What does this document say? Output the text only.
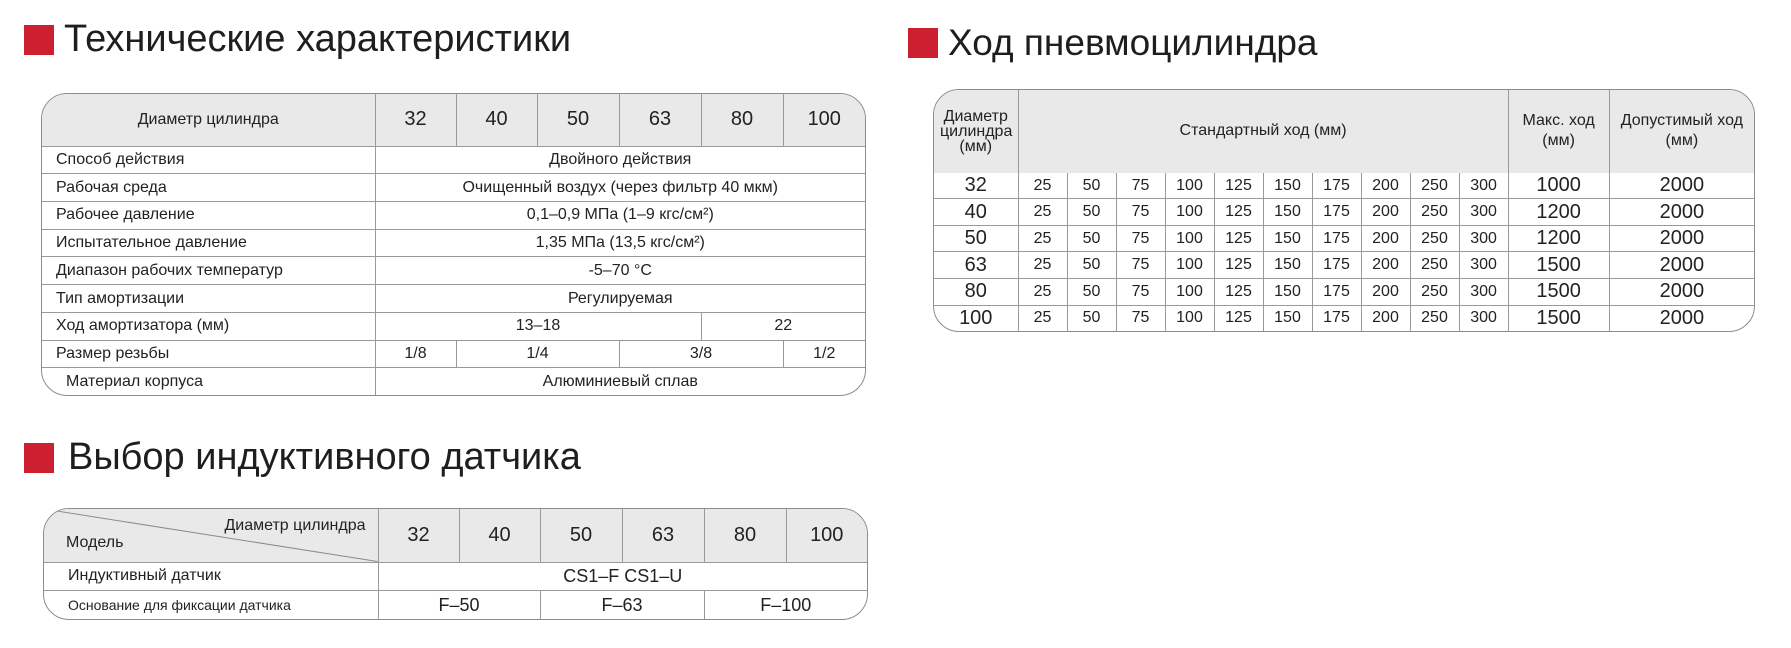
Технические характеристики
Диаметр цилиндра	32	40	50	63	80	100
Способ действия	Двойного действия					
Рабочая среда	Очищенный воздух (через фильтр 40 мкм)					
Рабочее давление	0,1–0,9 МПа (1–9 кгс/см²)					
Испытательное давление	1,35 МПа (13,5 кгс/см²)					
Диапазон рабочих температур	-5–70 °C					
Тип амортизации	Регулируемая					
Ход амортизатора (мм)	13–18				22	
Размер резьбы	1/8	1/4		3/8		1/2
Материал корпуса	Алюминиевый сплав					
Выбор индуктивного датчика
Диаметр цилиндра
Модель	32	40	50	63	80	100
Индуктивный датчик	CS1–F CS1–U					
Основание для фиксации датчика	F–50		F–63		F–100	
Ход пневмоцилиндра
Диаметр цилиндра (мм)	Стандартный ход (мм)										Макс. ход (мм)	Допустимый ход (мм)
32	25	50	75	100	125	150	175	200	250	300	1000	2000
40	25	50	75	100	125	150	175	200	250	300	1200	2000
50	25	50	75	100	125	150	175	200	250	300	1200	2000
63	25	50	75	100	125	150	175	200	250	300	1500	2000
80	25	50	75	100	125	150	175	200	250	300	1500	2000
100	25	50	75	100	125	150	175	200	250	300	1500	2000
